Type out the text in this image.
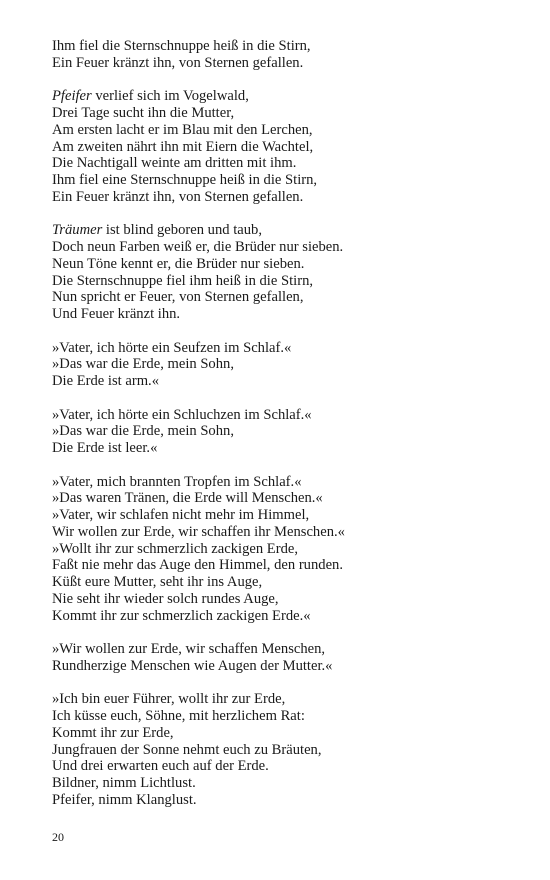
Ihm fiel die Sternschnuppe heiß in die Stirn,
Ein Feuer kränzt ihn, von Sternen gefallen.
Pfeifer verlief sich im Vogelwald,
Drei Tage sucht ihn die Mutter,
Am ersten lacht er im Blau mit den Lerchen,
Am zweiten nährt ihn mit Eiern die Wachtel,
Die Nachtigall weinte am dritten mit ihm.
Ihm fiel eine Sternschnuppe heiß in die Stirn,
Ein Feuer kränzt ihn, von Sternen gefallen.
Träumer ist blind geboren und taub,
Doch neun Farben weiß er, die Brüder nur sieben.
Neun Töne kennt er, die Brüder nur sieben.
Die Sternschnuppe fiel ihm heiß in die Stirn,
Nun spricht er Feuer, von Sternen gefallen,
Und Feuer kränzt ihn.
»Vater, ich hörte ein Seufzen im Schlaf.«
»Das war die Erde, mein Sohn,
Die Erde ist arm.«
»Vater, ich hörte ein Schluchzen im Schlaf.«
»Das war die Erde, mein Sohn,
Die Erde ist leer.«
»Vater, mich brannten Tropfen im Schlaf.«
»Das waren Tränen, die Erde will Menschen.«
»Vater, wir schlafen nicht mehr im Himmel,
Wir wollen zur Erde, wir schaffen ihr Menschen.«
»Wollt ihr zur schmerzlich zackigen Erde,
Faßt nie mehr das Auge den Himmel, den runden.
Küßt eure Mutter, seht ihr ins Auge,
Nie seht ihr wieder solch rundes Auge,
Kommt ihr zur schmerzlich zackigen Erde.«
»Wir wollen zur Erde, wir schaffen Menschen,
Rundherzige Menschen wie Augen der Mutter.«
»Ich bin euer Führer, wollt ihr zur Erde,
Ich küsse euch, Söhne, mit herzlichem Rat:
Kommt ihr zur Erde,
Jungfrauen der Sonne nehmt euch zu Bräuten,
Und drei erwarten euch auf der Erde.
Bildner, nimm Lichtlust.
Pfeifer, nimm Klanglust.
20
